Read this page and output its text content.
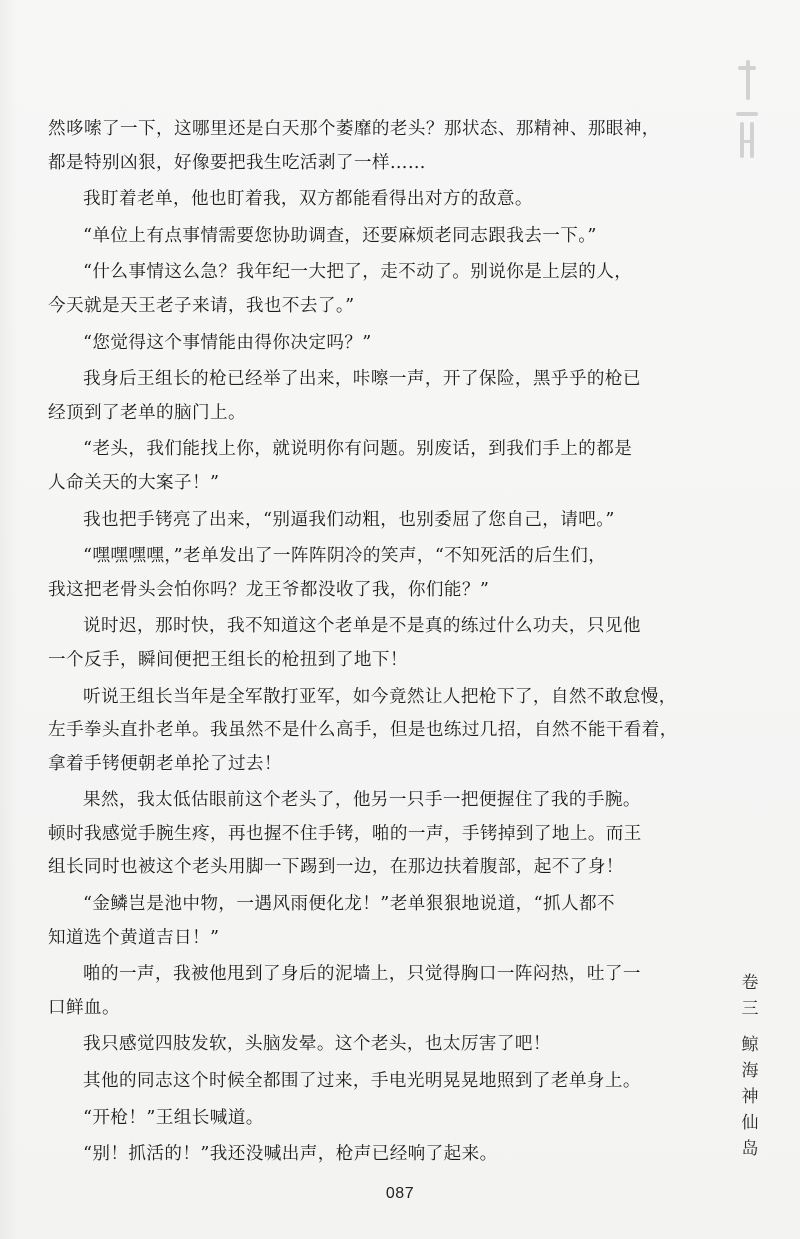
然哆嗦了一下，这哪里还是白天那个萎靡的老头？那状态、那精神、那眼神，
都是特别凶狠，好像要把我生吃活剥了一样……
我盯着老单，他也盯着我，双方都能看得出对方的敌意。
“单位上有点事情需要您协助调查，还要麻烦老同志跟我去一下。”
“什么事情这么急？我年纪一大把了，走不动了。别说你是上层的人，
今天就是天王老子来请，我也不去了。”
“您觉得这个事情能由得你决定吗？”
我身后王组长的枪已经举了出来，咔嚓一声，开了保险，黑乎乎的枪已
经顶到了老单的脑门上。
“老头，我们能找上你，就说明你有问题。别废话，到我们手上的都是
人命关天的大案子！”
我也把手铐亮了出来，“别逼我们动粗，也别委屈了您自己，请吧。”
“嘿嘿嘿嘿，”老单发出了一阵阵阴冷的笑声，“不知死活的后生们，
我这把老骨头会怕你吗？龙王爷都没收了我，你们能？”
说时迟，那时快，我不知道这个老单是不是真的练过什么功夫，只见他
一个反手，瞬间便把王组长的枪扭到了地下！
听说王组长当年是全军散打亚军，如今竟然让人把枪下了，自然不敢怠慢，
左手拳头直扑老单。我虽然不是什么高手，但是也练过几招，自然不能干看着，
拿着手铐便朝老单抡了过去！
果然，我太低估眼前这个老头了，他另一只手一把便握住了我的手腕。
顿时我感觉手腕生疼，再也握不住手铐，啪的一声，手铐掉到了地上。而王
组长同时也被这个老头用脚一下踢到一边，在那边扶着腹部，起不了身！
“金鳞岂是池中物，一遇风雨便化龙！”老单狠狠地说道，“抓人都不
知道选个黄道吉日！”
啪的一声，我被他甩到了身后的泥墙上，只觉得胸口一阵闷热，吐了一
口鲜血。
我只感觉四肢发软，头脑发晕。这个老头，也太厉害了吧！
其他的同志这个时候全都围了过来，手电光明晃晃地照到了老单身上。
“开枪！”王组长喊道。
“别！抓活的！”我还没喊出声，枪声已经响了起来。
卷三
鲸海神仙岛
087
